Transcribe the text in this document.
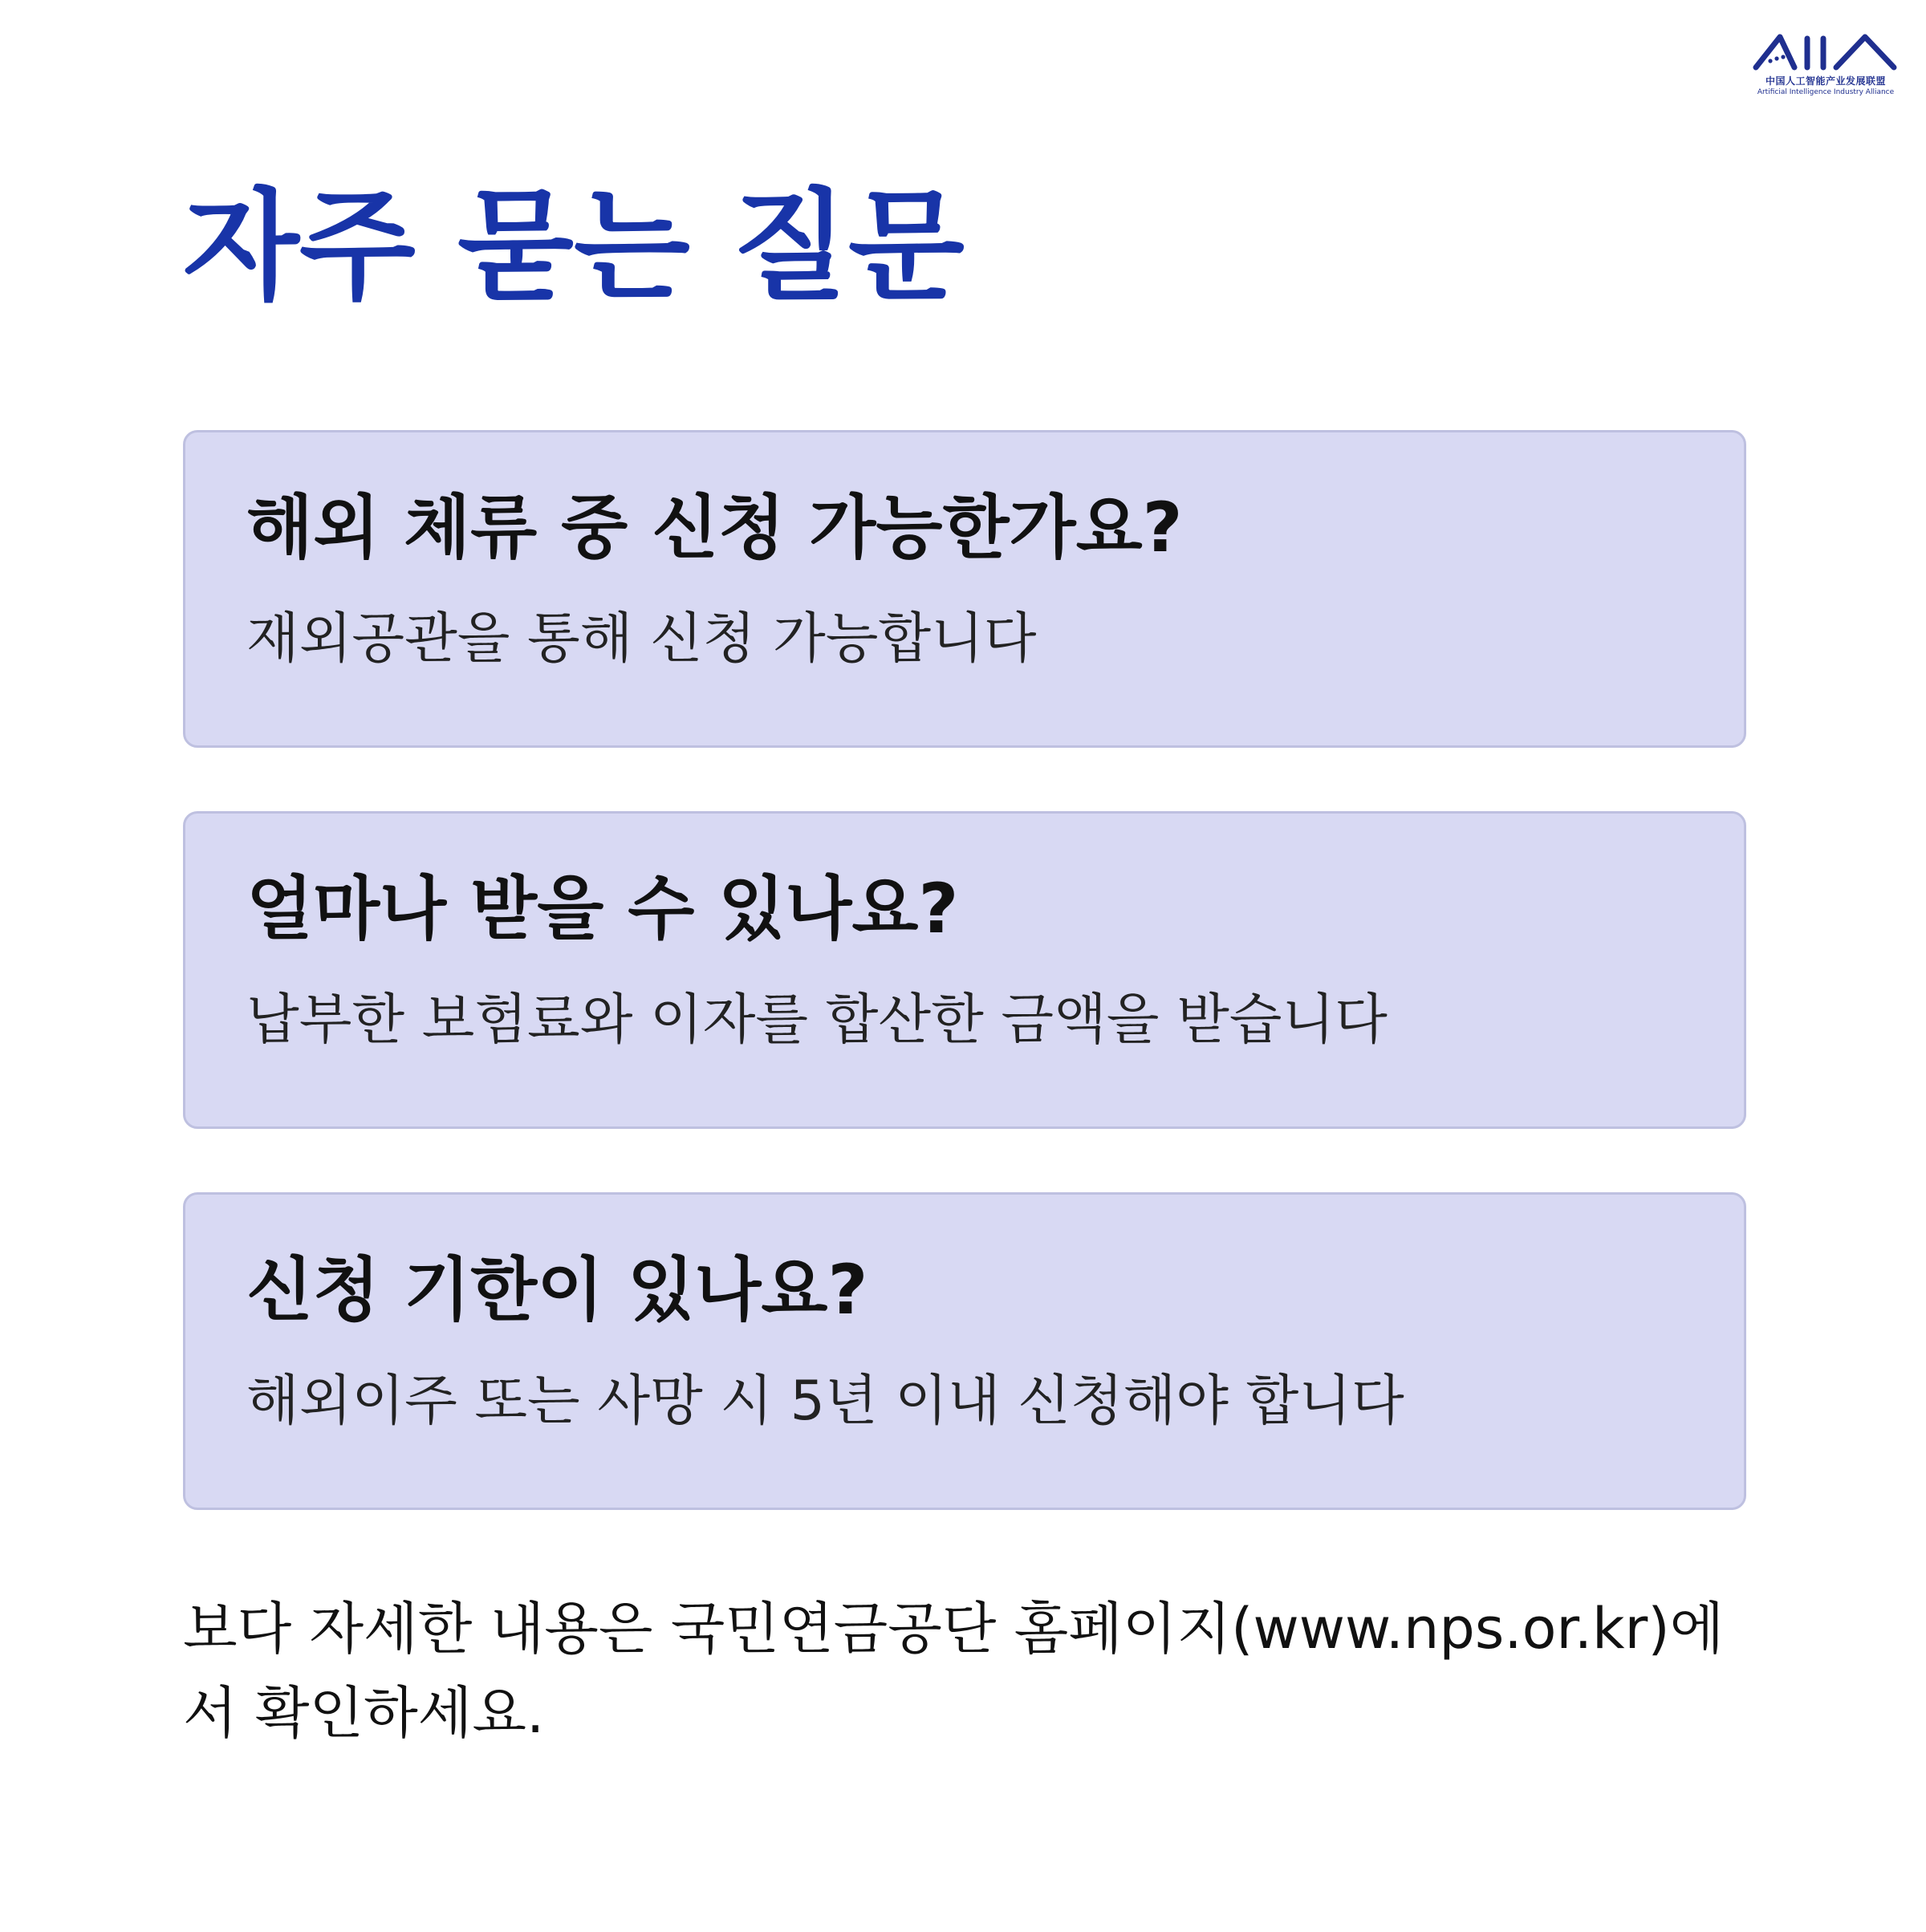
中国人工智能产业发展联盟
Artificial Intelligence Industry Alliance
자주 묻는 질문
해외 체류 중 신청 가능한가요?

재외공관을 통해 신청 가능합니다

얼마나 받을 수 있나요?

납부한 보험료와 이자를 합산한 금액을 받습니다

신청 기한이 있나요?

해외이주 또는 사망 시 5년 이내 신청해야 합니다

보다 자세한 내용은 국민연금공단 홈페이지(www.nps.or.kr)에서 확인하세요.
